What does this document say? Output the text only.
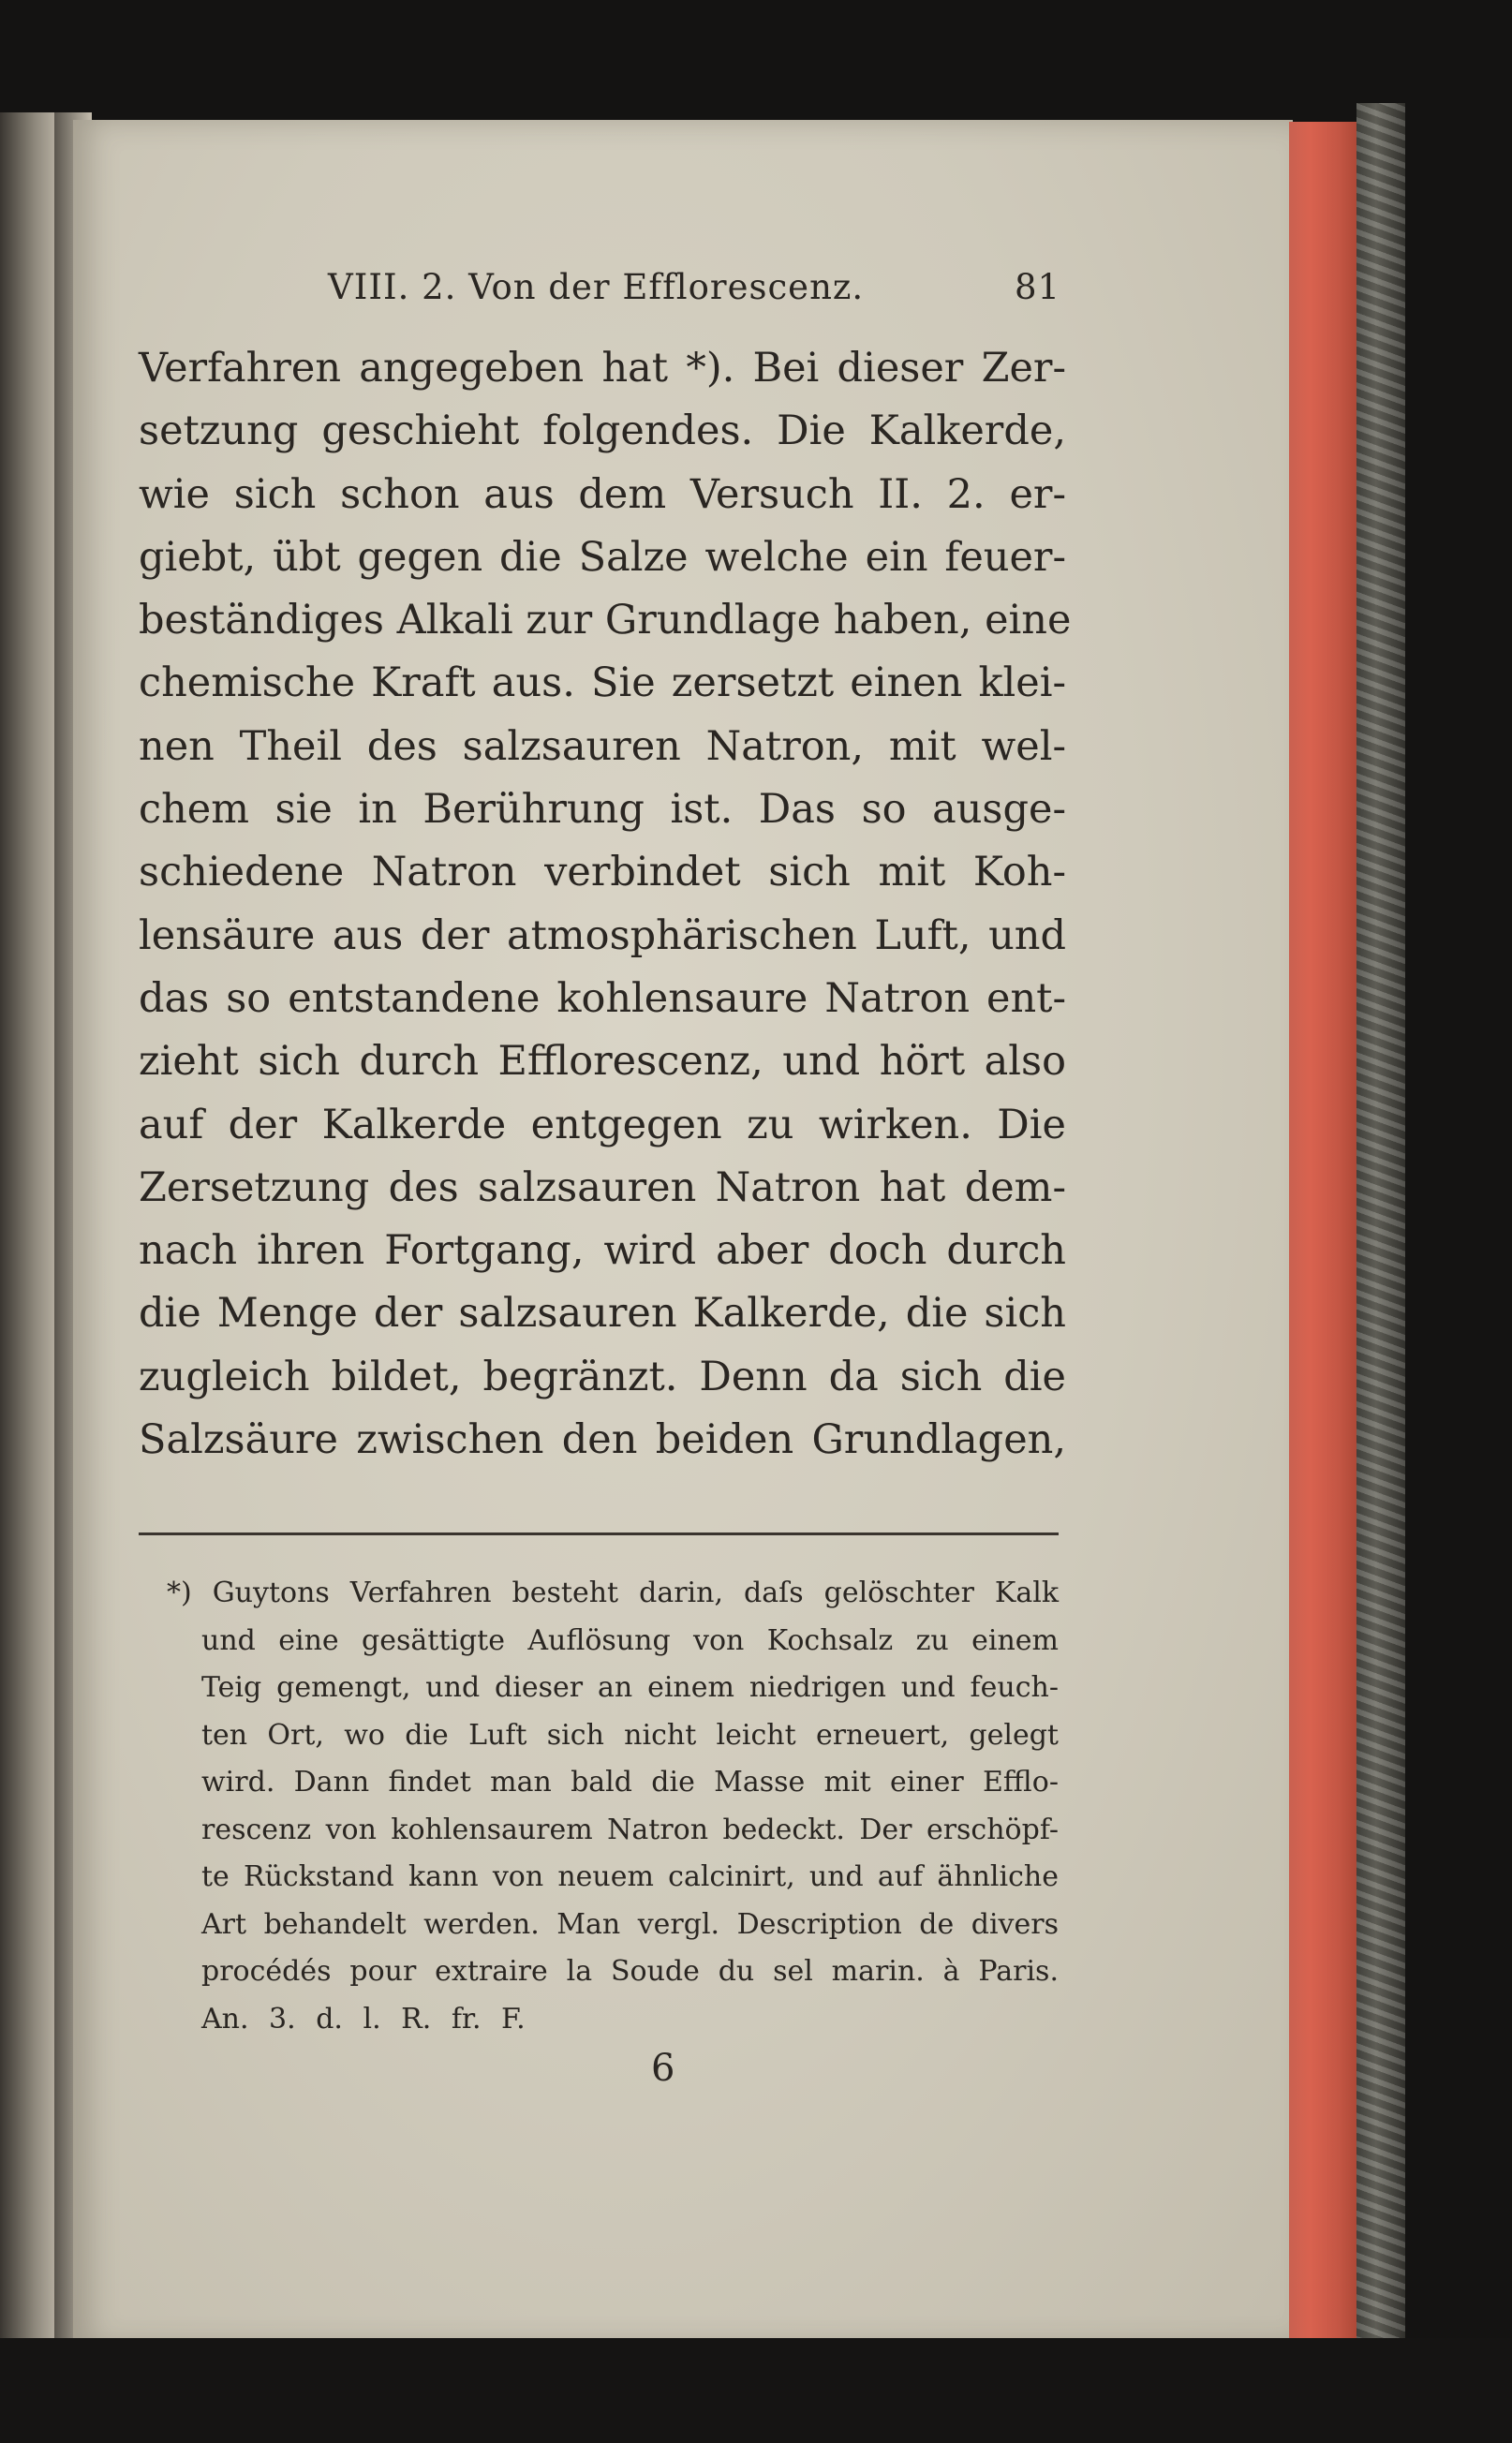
VIII. 2. Von der Efflorescenz.	81
Verfahren angegeben hat *). Bei dieser Zer-
setzung geschieht folgendes. Die Kalkerde,
wie sich schon aus dem Versuch II. 2. er-
giebt, übt gegen die Salze welche ein feuer-
beständiges Alkali zur Grundlage haben, eine
chemische Kraft aus. Sie zersetzt einen klei-
nen Theil des salzsauren Natron, mit wel-
chem sie in Berührung ist. Das so ausge-
schiedene Natron verbindet sich mit Koh-
lensäure aus der atmosphärischen Luft, und
das so entstandene kohlensaure Natron ent-
zieht sich durch Efflorescenz, und hört also
auf der Kalkerde entgegen zu wirken. Die
Zersetzung des salzsauren Natron hat dem-
nach ihren Fortgang, wird aber doch durch
die Menge der salzsauren Kalkerde, die sich
zugleich bildet, begränzt. Denn da sich die
Salzsäure zwischen den beiden Grundlagen,
*) Guytons Verfahren besteht darin, daſs gelöschter Kalk
und eine gesättigte Auflösung von Kochsalz zu einem
Teig gemengt, und dieser an einem niedrigen und feuch-
ten Ort, wo die Luft sich nicht leicht erneuert, gelegt
wird. Dann findet man bald die Masse mit einer Efflo-
rescenz von kohlensaurem Natron bedeckt. Der erschöpf-
te Rückstand kann von neuem calcinirt, und auf ähnliche
Art behandelt werden. Man vergl. Description de divers
procédés pour extraire la Soude du sel marin. à Paris.
An. 3. d. l. R. fr. F.
6
